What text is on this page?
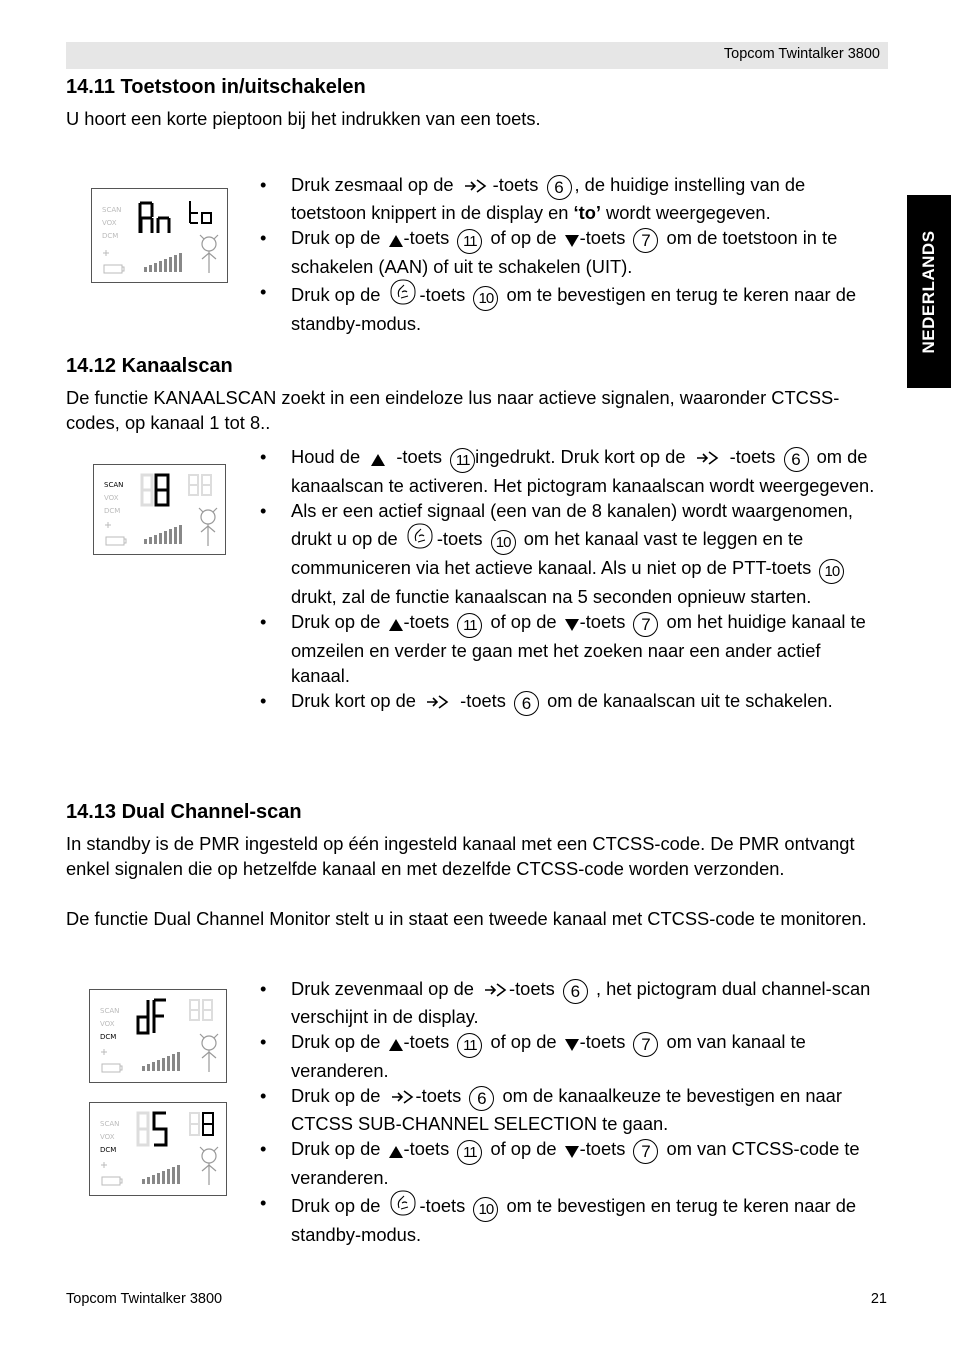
Topcom Twintalker 3800
NEDERLANDS
14.11 Toetstoon in/uitschakelen

U hoort een korte pieptoon bij het indrukken van een toets.

SCAN
VOX
DCM
• Druk zesmaal op de -toets 6 , de huidige instelling van de toetstoon knippert in de display en ‘to’ wordt weergegeven.
• Druk op de -toets 11 of op de -toets 7 om de toetstoon in te schakelen (AAN) of uit te schakelen (UIT).
• Druk op de -toets 10 om te bevestigen en terug te keren naar de standby-modus.
14.12 Kanaalscan

De functie KANAALSCAN zoekt in een eindeloze lus naar actieve signalen, waaronder CTCSS-codes, op kanaal 1 tot 8..

SCAN
VOX
DCM
• Houd de -toets 11 ingedrukt. Druk kort op de -toets 6 om de kanaalscan te activeren. Het pictogram kanaalscan wordt weergegeven.
• Als er een actief signaal (een van de 8 kanalen) wordt waargenomen, drukt u op de -toets 10 om het kanaal vast te leggen en te communiceren via het actieve kanaal. Als u niet op de PTT-toets 10 drukt, zal de functie kanaalscan na 5 seconden opnieuw starten.
• Druk op de -toets 11 of op de -toets 7 om het huidige kanaal te omzeilen en verder te gaan met het zoeken naar een ander actief kanaal.
• Druk kort op de -toets 6 om de kanaalscan uit te schakelen.
14.13 Dual Channel-scan

In standby is de PMR ingesteld op één ingesteld kanaal met een CTCSS-code. De PMR ontvangt enkel signalen die op hetzelfde kanaal en met dezelfde CTCSS-code worden verzonden.

De functie Dual Channel Monitor stelt u in staat een tweede kanaal met CTCSS-code te monitoren.

SCAN
VOX
DCM
SCAN
VOX
DCM
• Druk zevenmaal op de -toets 6 , het pictogram dual channel-scan verschijnt in de display.
• Druk op de -toets 11 of op de -toets 7 om van kanaal te veranderen.
• Druk op de -toets 6 om de kanaalkeuze te bevestigen en naar CTCSS SUB-CHANNEL SELECTION te gaan.
• Druk op de -toets 11 of op de -toets 7 om van CTCSS-code te veranderen.
• Druk op de -toets 10 om te bevestigen en terug te keren naar de standby-modus.
Topcom Twintalker 3800	21
